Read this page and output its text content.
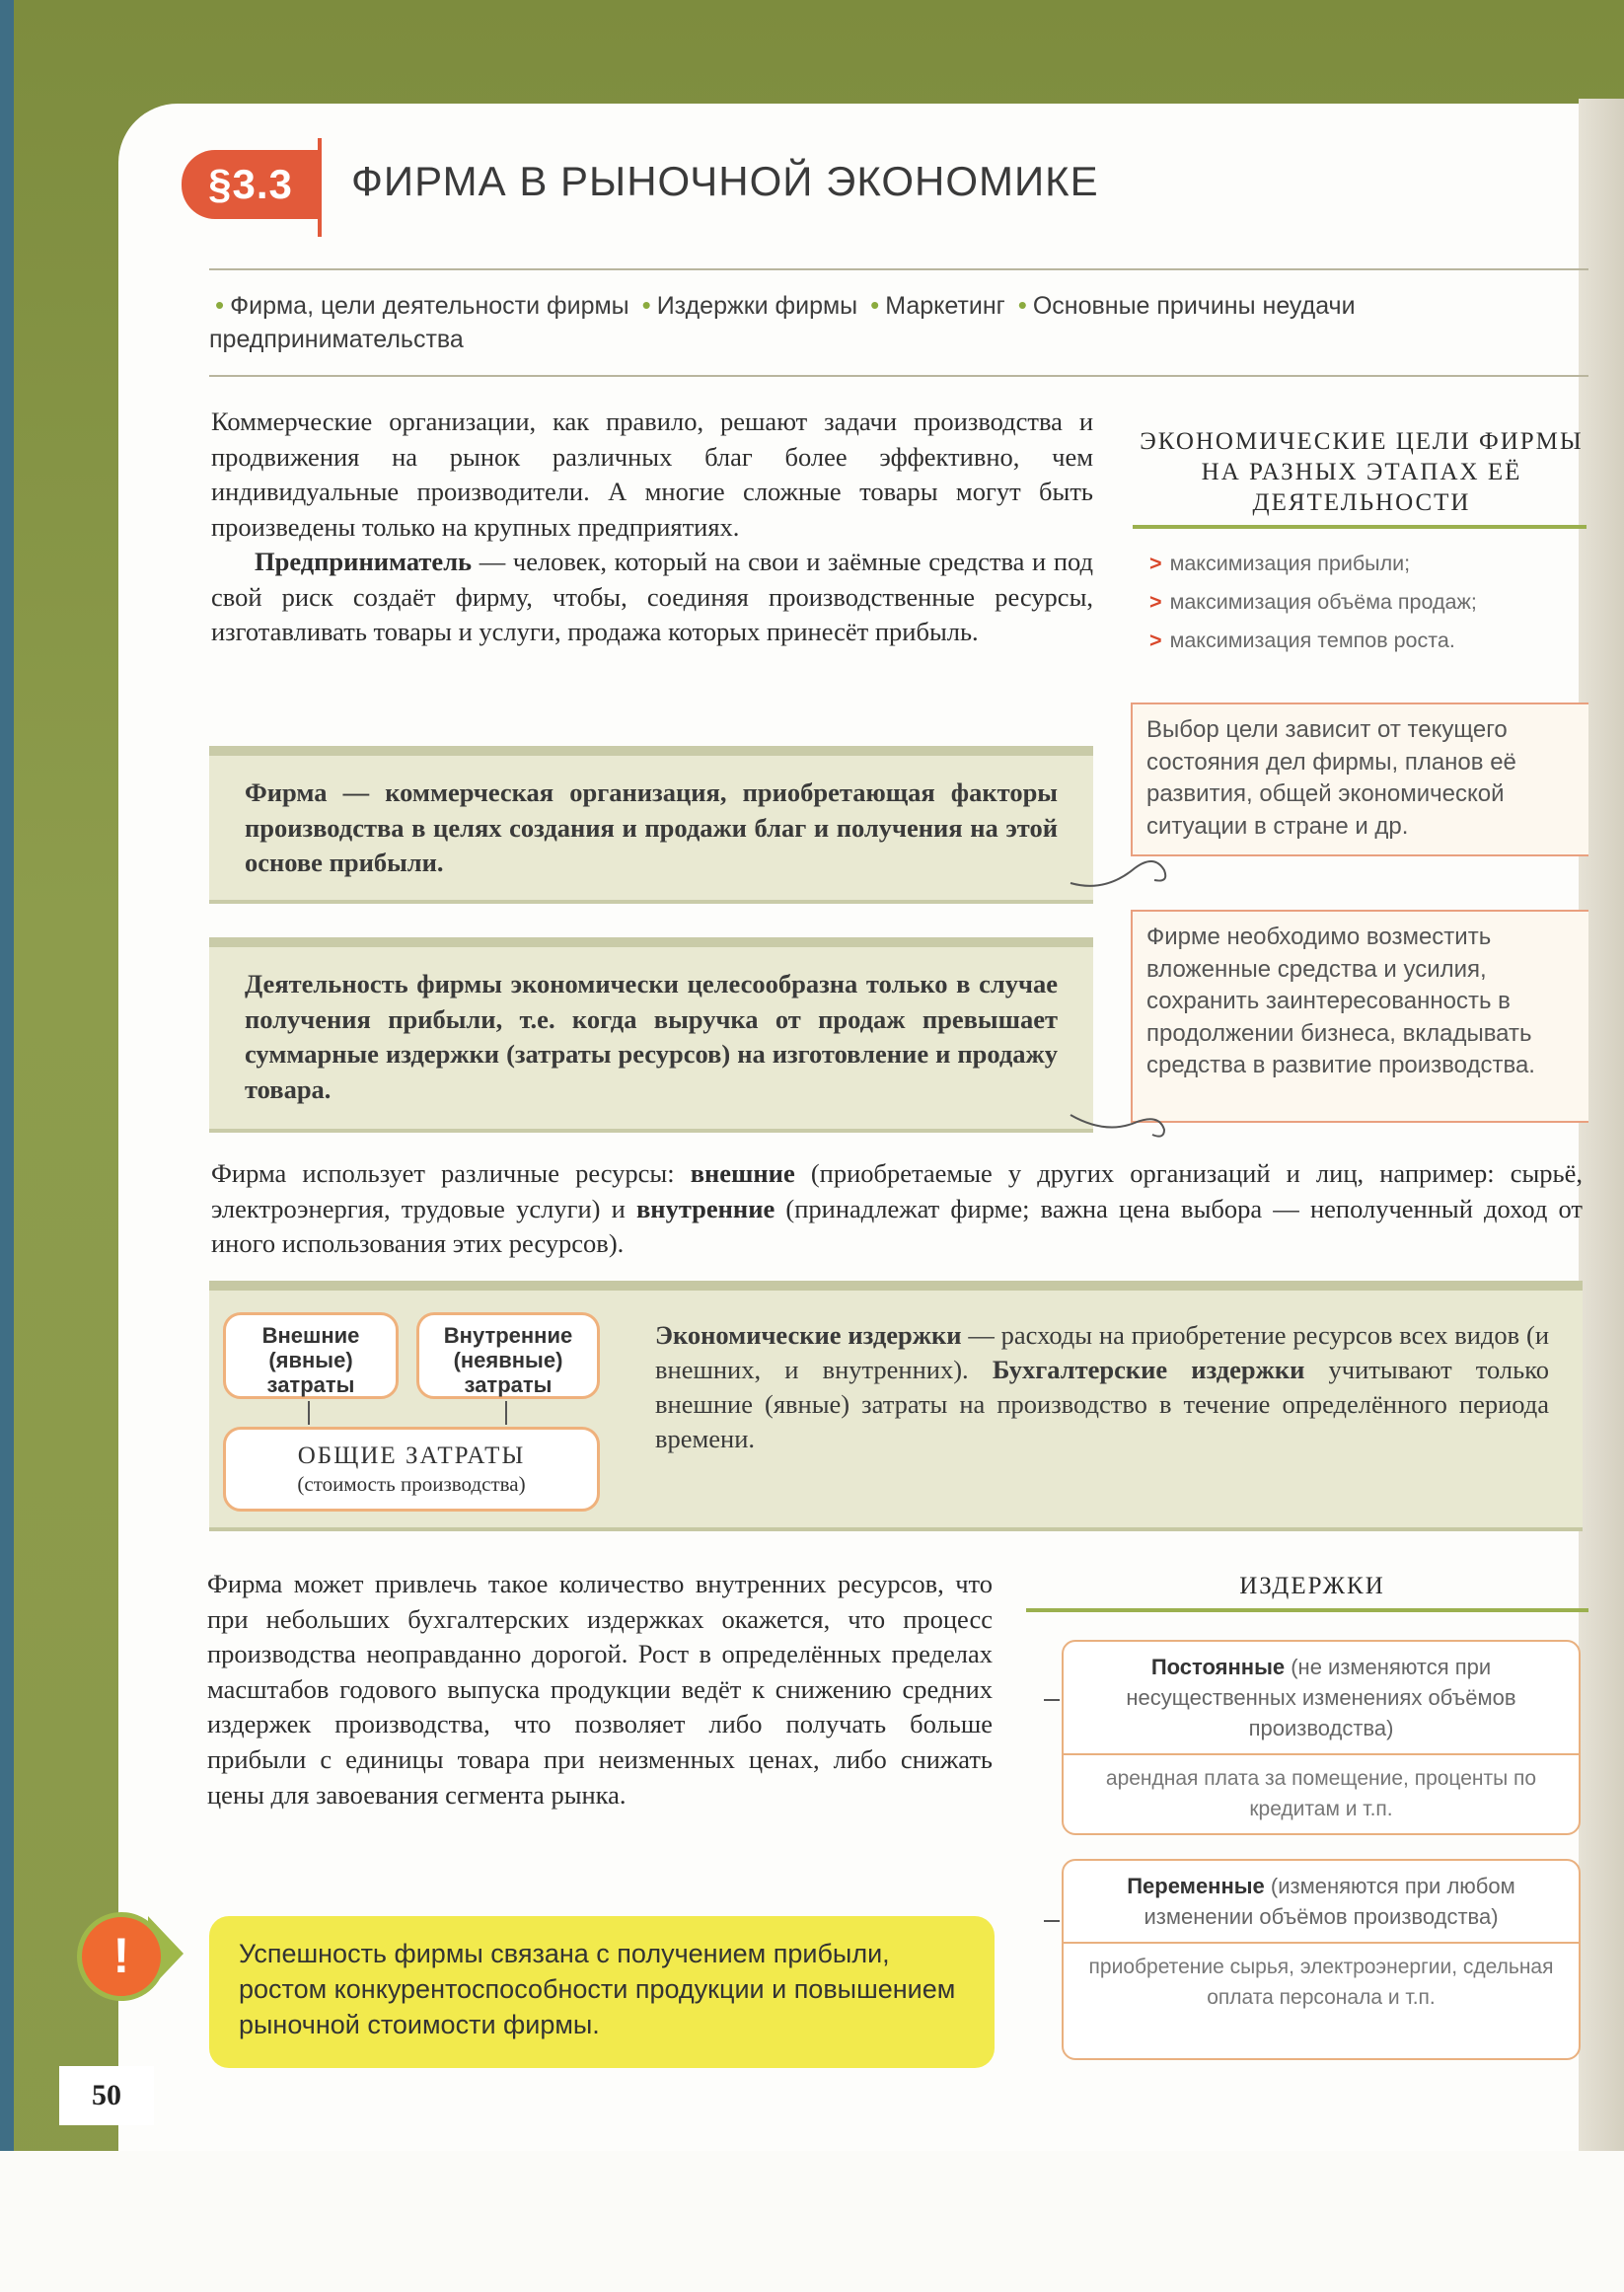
§3.3	ФИРМА В РЫНОЧНОЙ ЭКОНОМИКЕ
• Фирма, цели деятельности фирмы • Издержки фирмы • Маркетинг • Основные причины неудачи предпринимательства
Коммерческие организации, как правило, решают задачи производства и продвижения на рынок различных благ более эффективно, чем индивидуальные производители. А многие сложные товары могут быть произведены только на крупных предприятиях.
Предприниматель — человек, который на свои и заёмные средства и под свой риск создаёт фирму, чтобы, соединяя производственные ресурсы, изготавливать товары и услуги, продажа которых принесёт прибыль.
ЭКОНОМИЧЕСКИЕ ЦЕЛИ ФИРМЫ НА РАЗНЫХ ЭТАПАХ ЕЁ ДЕЯТЕЛЬНОСТИ
> максимизация прибыли;
> максимизация объёма продаж;
> максимизация темпов роста.
Фирма — коммерческая организация, приобретающая факторы производства в целях создания и продажи благ и получения на этой основе прибыли.
Выбор цели зависит от текущего состояния дел фирмы, планов её развития, общей экономической ситуации в стране и др.
Деятельность фирмы экономически целесообразна только в случае получения прибыли, т.е. когда выручка от продаж превышает суммарные издержки (затраты ресурсов) на изготовление и продажу товара.
Фирме необходимо возместить вложенные средства и усилия, сохранить заинтересованность в продолжении бизнеса, вкладывать средства в развитие производства.
Фирма использует различные ресурсы: внешние (приобретаемые у других организаций и лиц, например: сырьё, электроэнергия, трудовые услуги) и внутренние (принадлежат фирме; важна цена выбора — неполученный доход от иного использования этих ресурсов).
Внешние (явные) затраты
Внутренние (неявные) затраты
ОБЩИЕ ЗАТРАТЫ
(стоимость производства)
Экономические издержки — расходы на приобретение ресурсов всех видов (и внешних, и внутренних). Бухгалтерские издержки учитывают только внешние (явные) затраты на производство в течение определённого периода времени.
Фирма может привлечь такое количество внутренних ресурсов, что при небольших бухгалтерских издержках окажется, что процесс производства неоправданно дорогой. Рост в определённых пределах масштабов годового выпуска продукции ведёт к снижению средних издержек производства, что позволяет либо получать больше прибыли с единицы товара при неизменных ценах, либо снижать цены для завоевания сегмента рынка.
ИЗДЕРЖКИ
Постоянные (не изменяются при несущественных изменениях объёмов производства)
арендная плата за помещение, проценты по кредитам и т.п.
Переменные (изменяются при любом изменении объёмов производства)
приобретение сырья, электроэнергии, сдельная оплата персонала и т.п.
!	Успешность фирмы связана с получением прибыли, ростом конкурентоспособности продукции и повышением рыночной стоимости фирмы.
50
